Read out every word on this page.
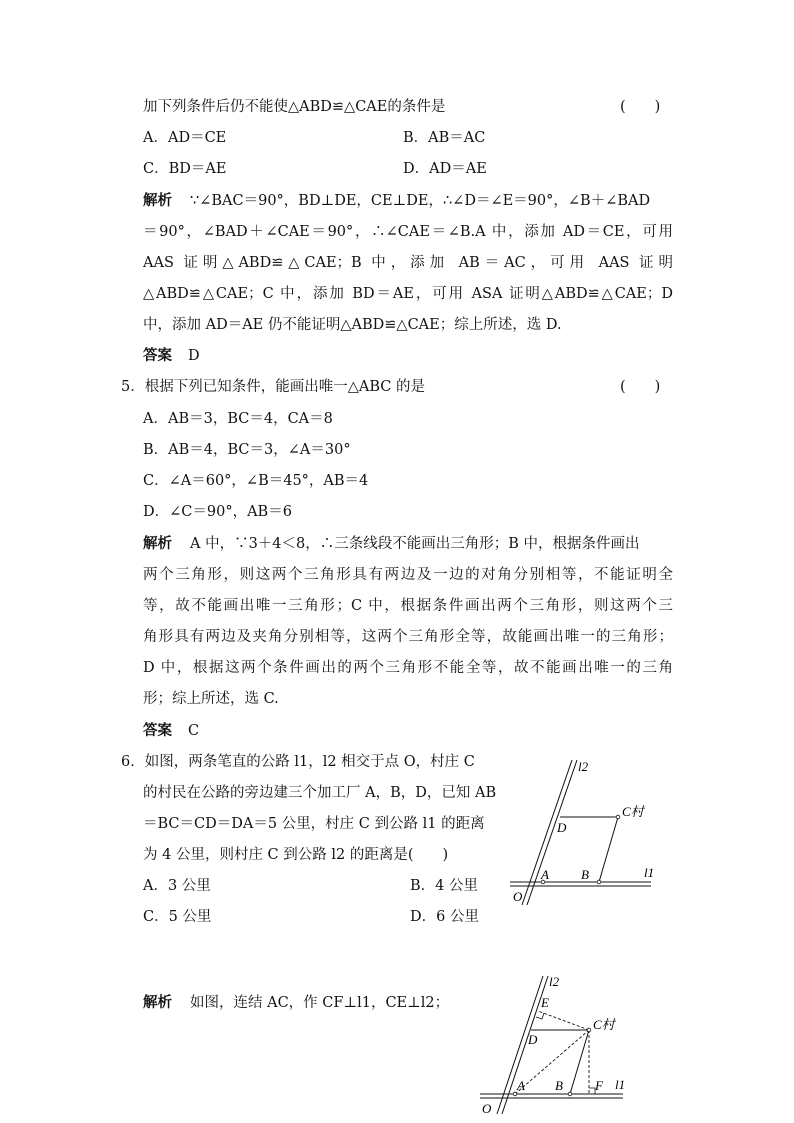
加下列条件后仍不能使△ABD≌△CAE的条件是	(　　)
A．AD＝CE	B．AB＝AC
C．BD＝AE	D．AD＝AE
解析 ∵∠BAC＝90°，BD⊥DE，CE⊥DE，∴∠D＝∠E＝90°，∠B＋∠BAD
＝90°，∠BAD＋∠CAE＝90°，∴∠CAE＝∠B.A 中，添加 AD＝CE，可用
AAS 证明△ABD≌△CAE；B 中，添加 AB＝AC，可用 AAS 证明
△ABD≌△CAE；C 中，添加 BD＝AE，可用 ASA 证明△ABD≌△CAE；D
中，添加 AD＝AE 仍不能证明△ABD≌△CAE；综上所述，选 D.
答案 D
5．根据下列已知条件，能画出唯一△ABC 的是	(　　)
A．AB＝3，BC＝4，CA＝8
B．AB＝4，BC＝3，∠A＝30°
C．∠A＝60°，∠B＝45°，AB＝4
D．∠C＝90°，AB＝6
解析 A 中，∵3＋4＜8，∴三条线段不能画出三角形；B 中，根据条件画出
两个三角形，则这两个三角形具有两边及一边的对角分别相等，不能证明全
等，故不能画出唯一三角形；C 中，根据条件画出两个三角形，则这两个三
角形具有两边及夹角分别相等，这两个三角形全等，故能画出唯一的三角形；
D 中，根据这两个条件画出的两个三角形不能全等，故不能画出唯一的三角
形；综上所述，选 C.
答案 C
6．如图，两条笔直的公路 l1，l2 相交于点 O，村庄 C
的村民在公路的旁边建三个加工厂 A，B，D，已知 AB
＝BC＝CD＝DA＝5 公里，村庄 C 到公路 l1 的距离
为 4 公里，则村庄 C 到公路 l2 的距离是(　　)
A．3 公里	B．4 公里
C．5 公里	D．6 公里
l2
C村
D
A B	l1
O
解析 如图，连结 AC，作 CF⊥l1，CE⊥l2；
l2
E
C村
D
A B F l1
O
